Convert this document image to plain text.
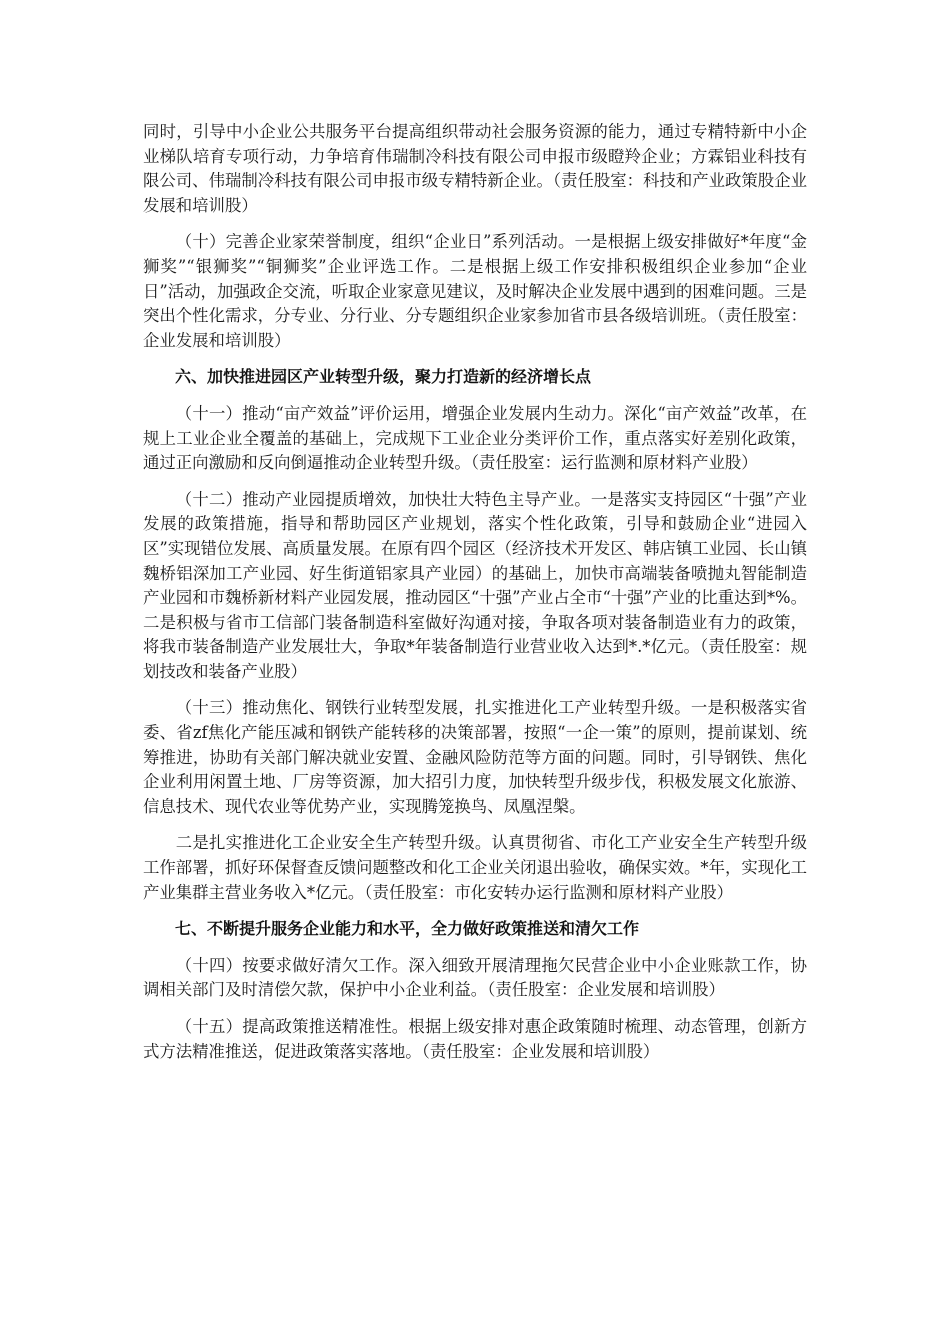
同时，引导中小企业公共服务平台提高组织带动社会服务资源的能力，通过专精特新中小企业梯队培育专项行动，力争培育伟瑞制冷科技有限公司申报市级瞪羚企业；方霖铝业科技有限公司、伟瑞制冷科技有限公司申报市级专精特新企业。（责任股室：科技和产业政策股企业发展和培训股）

（十）完善企业家荣誉制度，组织“企业日”系列活动。一是根据上级安排做好*年度“金狮奖”“银狮奖”“铜狮奖”企业评选工作。二是根据上级工作安排积极组织企业参加“企业日”活动，加强政企交流，听取企业家意见建议，及时解决企业发展中遇到的困难问题。三是突出个性化需求，分专业、分行业、分专题组织企业家参加省市县各级培训班。（责任股室：企业发展和培训股）

六、加快推进园区产业转型升级，聚力打造新的经济增长点

（十一）推动“亩产效益”评价运用，增强企业发展内生动力。深化“亩产效益”改革，在规上工业企业全覆盖的基础上，完成规下工业企业分类评价工作，重点落实好差别化政策，通过正向激励和反向倒逼推动企业转型升级。（责任股室：运行监测和原材料产业股）

（十二）推动产业园提质增效，加快壮大特色主导产业。一是落实支持园区“十强”产业发展的政策措施，指导和帮助园区产业规划，落实个性化政策，引导和鼓励企业“进园入区”实现错位发展、高质量发展。在原有四个园区（经济技术开发区、韩店镇工业园、长山镇魏桥铝深加工产业园、好生街道铝家具产业园）的基础上，加快市高端装备喷抛丸智能制造产业园和市魏桥新材料产业园发展，推动园区“十强”产业占全市“十强”产业的比重达到*%。二是积极与省市工信部门装备制造科室做好沟通对接，争取各项对装备制造业有力的政策，将我市装备制造产业发展壮大，争取*年装备制造行业营业收入达到*.*亿元。（责任股室：规划技改和装备产业股）

（十三）推动焦化、钢铁行业转型发展，扎实推进化工产业转型升级。一是积极落实省委、省zf焦化产能压减和钢铁产能转移的决策部署，按照“一企一策”的原则，提前谋划、统筹推进，协助有关部门解决就业安置、金融风险防范等方面的问题。同时，引导钢铁、焦化企业利用闲置土地、厂房等资源，加大招引力度，加快转型升级步伐，积极发展文化旅游、信息技术、现代农业等优势产业，实现腾笼换鸟、凤凰涅槃。

二是扎实推进化工企业安全生产转型升级。认真贯彻省、市化工产业安全生产转型升级工作部署，抓好环保督查反馈问题整改和化工企业关闭退出验收，确保实效。*年，实现化工产业集群主营业务收入*亿元。（责任股室：市化安转办运行监测和原材料产业股）

七、不断提升服务企业能力和水平，全力做好政策推送和清欠工作

（十四）按要求做好清欠工作。深入细致开展清理拖欠民营企业中小企业账款工作，协调相关部门及时清偿欠款，保护中小企业利益。（责任股室：企业发展和培训股）

（十五）提高政策推送精准性。根据上级安排对惠企政策随时梳理、动态管理，创新方式方法精准推送，促进政策落实落地。（责任股室：企业发展和培训股）
